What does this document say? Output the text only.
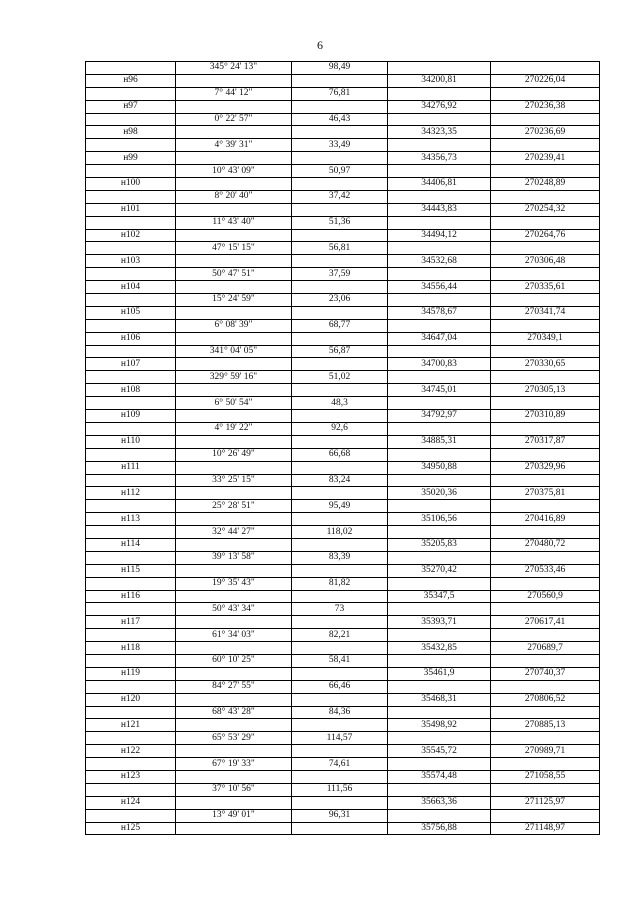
6
	345° 24' 13"	98,49		
н96			34200,81	270226,04
	7° 44' 12"	76,81		
н97			34276,92	270236,38
	0° 22' 57"	46,43		
н98			34323,35	270236,69
	4° 39' 31"	33,49		
н99			34356,73	270239,41
	10° 43' 09"	50,97		
н100			34406,81	270248,89
	8° 20' 40"	37,42		
н101			34443,83	270254,32
	11° 43' 40"	51,36		
н102			34494,12	270264,76
	47° 15' 15"	56,81		
н103			34532,68	270306,48
	50° 47' 51"	37,59		
н104			34556,44	270335,61
	15° 24' 59"	23,06		
н105			34578,67	270341,74
	6° 08' 39"	68,77		
н106			34647,04	270349,1
	341° 04' 05"	56,87		
н107			34700,83	270330,65
	329° 59' 16"	51,02		
н108			34745,01	270305,13
	6° 50' 54"	48,3		
н109			34792,97	270310,89
	4° 19' 22"	92,6		
н110			34885,31	270317,87
	10° 26' 49"	66,68		
н111			34950,88	270329,96
	33° 25' 15"	83,24		
н112			35020,36	270375,81
	25° 28' 51"	95,49		
н113			35106,56	270416,89
	32° 44' 27"	118,02		
н114			35205,83	270480,72
	39° 13' 58"	83,39		
н115			35270,42	270533,46
	19° 35' 43"	81,82		
н116			35347,5	270560,9
	50° 43' 34"	73		
н117			35393,71	270617,41
	61° 34' 03"	82,21		
н118			35432,85	270689,7
	60° 10' 25"	58,41		
н119			35461,9	270740,37
	84° 27' 55"	66,46		
н120			35468,31	270806,52
	68° 43' 28"	84,36		
н121			35498,92	270885,13
	65° 53' 29"	114,57		
н122			35545,72	270989,71
	67° 19' 33"	74,61		
н123			35574,48	271058,55
	37° 10' 56"	111,56		
н124			35663,36	271125,97
	13° 49' 01"	96,31		
н125			35756,88	271148,97
